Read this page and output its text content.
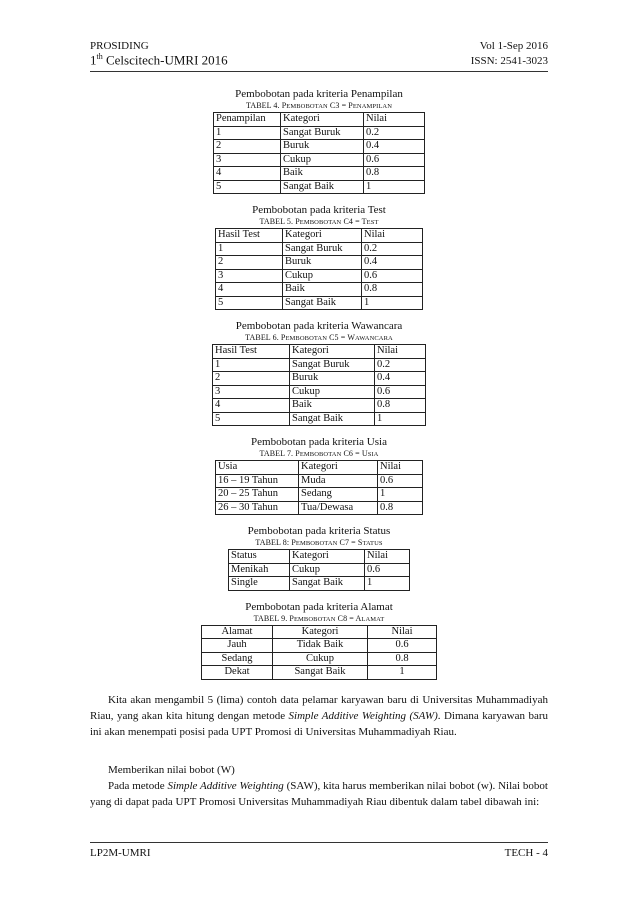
PROSIDING	Vol 1-Sep 2016
1th Celscitech-UMRI 2016	ISSN: 2541-3023
Pembobotan pada kriteria Penampilan
TABEL 4. PEMBOBOTAN C3 = PENAMPILAN
Penampilan	Kategori	Nilai
1	Sangat Buruk	0.2
2	Buruk	0.4
3	Cukup	0.6
4	Baik	0.8
5	Sangat Baik	1
Pembobotan pada kriteria Test
TABEL 5. PEMBOBOTAN C4 = TEST
Hasil Test	Kategori	Nilai
1	Sangat Buruk	0.2
2	Buruk	0.4
3	Cukup	0.6
4	Baik	0.8
5	Sangat Baik	1
Pembobotan pada kriteria Wawancara
TABEL 6. PEMBOBOTAN C5 = WAWANCARA
Hasil Test	Kategori	Nilai
1	Sangat Buruk	0.2
2	Buruk	0.4
3	Cukup	0.6
4	Baik	0.8
5	Sangat Baik	1
Pembobotan pada kriteria Usia
TABEL 7. PEMBOBOTAN C6 = USIA
Usia	Kategori	Nilai
16 – 19 Tahun	Muda	0.6
20 – 25 Tahun	Sedang	1
26 – 30 Tahun	Tua/Dewasa	0.8
Pembobotan pada kriteria Status
TABEL 8: PEMBOBOTAN C7 = STATUS
Status	Kategori	Nilai
Menikah	Cukup	0.6
Single	Sangat Baik	1
Pembobotan pada kriteria Alamat
TABEL 9. PEMBOBOTAN C8 = ALAMAT
Alamat	Kategori	Nilai
Jauh	Tidak Baik	0.6
Sedang	Cukup	0.8
Dekat	Sangat Baik	1

Kita akan mengambil 5 (lima) contoh data pelamar karyawan baru di Universitas Muhammadiyah Riau, yang akan kita hitung dengan metode Simple Additive Weighting (SAW). Dimana karyawan baru ini akan menempati posisi pada UPT Promosi di Universitas Muhammadiyah Riau.

Memberikan nilai bobot (W)
Pada metode Simple Additive Weighting (SAW), kita harus memberikan nilai bobot (w). Nilai bobot yang di dapat pada UPT Promosi Universitas Muhammadiyah Riau dibentuk dalam tabel dibawah ini:
LP2M-UMRI	TECH - 4
